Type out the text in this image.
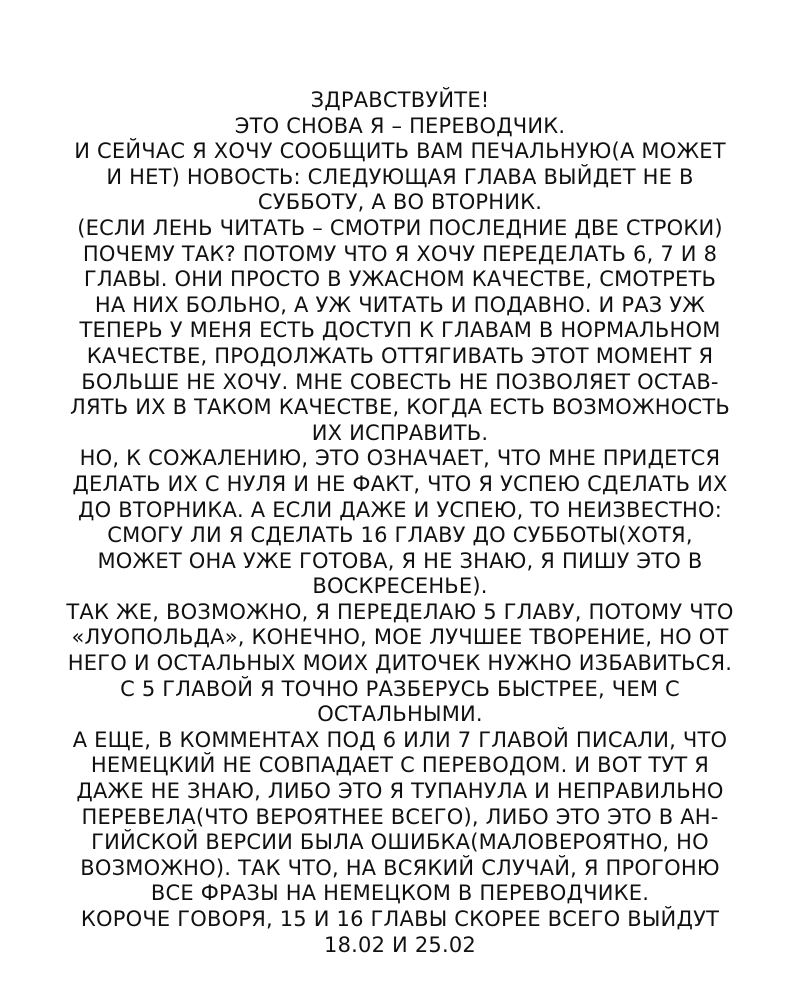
ЗДРАВСТВУЙТЕ!
ЭТО СНОВА Я – ПЕРЕВОДЧИК.
И СЕЙЧАС Я ХОЧУ СООБЩИТЬ ВАМ ПЕЧАЛЬНУЮ(А МОЖЕТ
И НЕТ) НОВОСТЬ: СЛЕДУЮЩАЯ ГЛАВА ВЫЙДЕТ НЕ В
СУББОТУ, А ВО ВТОРНИК.
(ЕСЛИ ЛЕНЬ ЧИТАТЬ – СМОТРИ ПОСЛЕДНИЕ ДВЕ СТРОКИ)
ПОЧЕМУ ТАК? ПОТОМУ ЧТО Я ХОЧУ ПЕРЕДЕЛАТЬ 6, 7 И 8
ГЛАВЫ. ОНИ ПРОСТО В УЖАСНОМ КАЧЕСТВЕ, СМОТРЕТЬ
НА НИХ БОЛЬНО, А УЖ ЧИТАТЬ И ПОДАВНО. И РАЗ УЖ
ТЕПЕРЬ У МЕНЯ ЕСТЬ ДОСТУП К ГЛАВАМ В НОРМАЛЬНОМ
КАЧЕСТВЕ, ПРОДОЛЖАТЬ ОТТЯГИВАТЬ ЭТОТ МОМЕНТ Я
БОЛЬШЕ НЕ ХОЧУ. МНЕ СОВЕСТЬ НЕ ПОЗВОЛЯЕТ ОСТАВ-
ЛЯТЬ ИХ В ТАКОМ КАЧЕСТВЕ, КОГДА ЕСТЬ ВОЗМОЖНОСТЬ
ИХ ИСПРАВИТЬ.
НО, К СОЖАЛЕНИЮ, ЭТО ОЗНАЧАЕТ, ЧТО МНЕ ПРИДЕТСЯ
ДЕЛАТЬ ИХ С НУЛЯ И НЕ ФАКТ, ЧТО Я УСПЕЮ СДЕЛАТЬ ИХ
ДО ВТОРНИКА. А ЕСЛИ ДАЖЕ И УСПЕЮ, ТО НЕИЗВЕСТНО:
СМОГУ ЛИ Я СДЕЛАТЬ 16 ГЛАВУ ДО СУББОТЫ(ХОТЯ,
МОЖЕТ ОНА УЖЕ ГОТОВА, Я НЕ ЗНАЮ, Я ПИШУ ЭТО В
ВОСКРЕСЕНЬЕ).
ТАК ЖЕ, ВОЗМОЖНО, Я ПЕРЕДЕЛАЮ 5 ГЛАВУ, ПОТОМУ ЧТО
«ЛУОПОЛЬДА», КОНЕЧНО, МОЕ ЛУЧШЕЕ ТВОРЕНИЕ, НО ОТ
НЕГО И ОСТАЛЬНЫХ МОИХ ДИТОЧЕК НУЖНО ИЗБАВИТЬСЯ.
С 5 ГЛАВОЙ Я ТОЧНО РАЗБЕРУСЬ БЫСТРЕЕ, ЧЕМ С
ОСТАЛЬНЫМИ.
А ЕЩЕ, В КОММЕНТАХ ПОД 6 ИЛИ 7 ГЛАВОЙ ПИСАЛИ, ЧТО
НЕМЕЦКИЙ НЕ СОВПАДАЕТ С ПЕРЕВОДОМ. И ВОТ ТУТ Я
ДАЖЕ НЕ ЗНАЮ, ЛИБО ЭТО Я ТУПАНУЛА И НЕПРАВИЛЬНО
ПЕРЕВЕЛА(ЧТО ВЕРОЯТНЕЕ ВСЕГО), ЛИБО ЭТО ЭТО В АН-
ГИЙСКОЙ ВЕРСИИ БЫЛА ОШИБКА(МАЛОВЕРОЯТНО, НО
ВОЗМОЖНО). ТАК ЧТО, НА ВСЯКИЙ СЛУЧАЙ, Я ПРОГОНЮ
ВСЕ ФРАЗЫ НА НЕМЕЦКОМ В ПЕРЕВОДЧИКЕ.
КОРОЧЕ ГОВОРЯ, 15 И 16 ГЛАВЫ СКОРЕЕ ВСЕГО ВЫЙДУТ
18.02 И 25.02
